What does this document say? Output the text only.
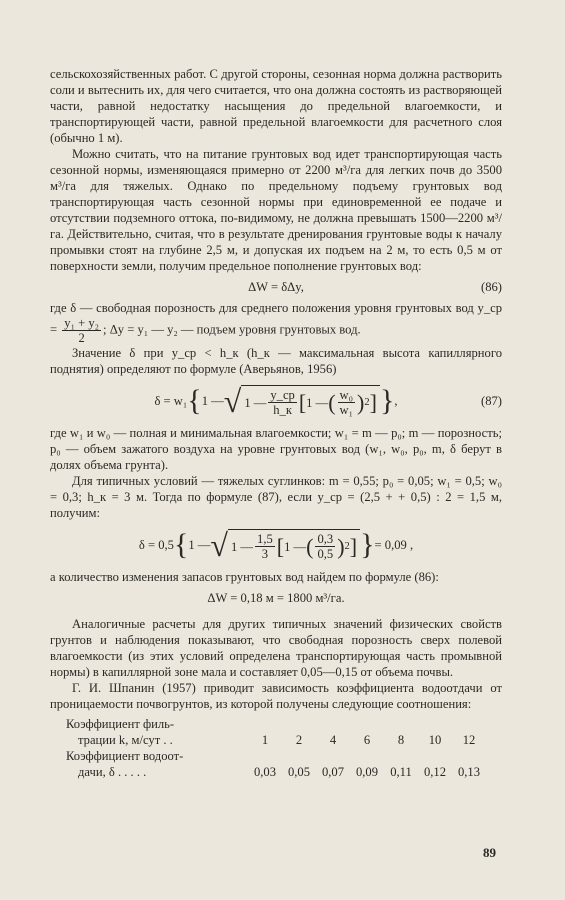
сельскохозяйственных работ. С другой стороны, сезонная норма должна растворить соли и вытеснить их, для чего считается, что она должна состоять из растворяющей части, равной недостатку насыщения до предельной влагоемкости, и транспортирующей части, равной предельной влагоемкости для расчетного слоя (обычно 1 м).

Можно считать, что на питание грунтовых вод идет транспортирующая часть сезонной нормы, изменяющаяся примерно от 2200 м³/га для легких почв до 3500 м³/га для тяжелых. Однако по предельному подъему грунтовых вод транспортирующая часть сезонной нормы при единовременной ее подаче и отсутствии подземного оттока, по-видимому, не должна превышать 1500—2200 м³/га. Действительно, считая, что в результате дренирования грунтовые воды к началу промывки стоят на глубине 2,5 м, и допуская их подъем на 2 м, то есть 0,5 м от поверхности земли, получим предельное пополнение грунтовых вод:

ΔW = δΔy,	(86)

где δ — свободная порозность для среднего положения уровня грунтовых вод y_ср = $\frac{\text{y₁ + y₂}}{2}$ ; Δy = y₁ — y₂ — подъем уровня грунтовых вод.

Значение δ при y_ср < h_к (h_к — максимальная высота капиллярного поднятия) определяют по формуле (Аверьянов, 1956)

δ = w₁ { 1 — √ 1 — $\frac{y\_ср}{h\_к}$ [ 1 — ( $\frac{\text{w₀}}{\text{w₁}}$ ) 2 ] } ,	(87)

где w₁ и w₀ — полная и минимальная влагоемкости; w₁ = m — p₀; m — порозность; p₀ — объем зажатого воздуха на уровне грунтовых вод (w₁, w₀, p₀, m, δ берут в долях объема грунта).

Для типичных условий — тяжелых суглинков: m = 0,55; p₀ = 0,05; w₁ = 0,5; w₀ = 0,3; h_к = 3 м. Тогда по формуле (87), если y_ср = (2,5 + + 0,5) : 2 = 1,5 м, получим:

δ = 0,5 { 1 — √ 1 — $\frac{1,5}{3}$ [ 1 — ( $\frac{0,3}{0,5}$ ) 2 ] } = 0,09 ,

а количество изменения запасов грунтовых вод найдем по формуле (86):

ΔW = 0,18 м = 1800 м³/га.

Аналогичные расчеты для других типичных значений физических свойств грунтов и наблюдения показывают, что свободная порозность сверх полевой влагоемкости (из этих условий определена транспортирующая часть промывной нормы) в капиллярной зоне мала и составляет 0,05—0,15 от объема почвы.

Г. И. Шпанин (1957) приводит зависимость коэффициента водоотдачи от проницаемости почвогрунтов, из которой получены следующие соотношения:

Коэффициент филь-							
трации k, м/сут . .	1	2	4	6	8	10	12
Коэффициент водоот-							
дачи, δ . . . . .	0,03	0,05	0,07	0,09	0,11	0,12	0,13
89
